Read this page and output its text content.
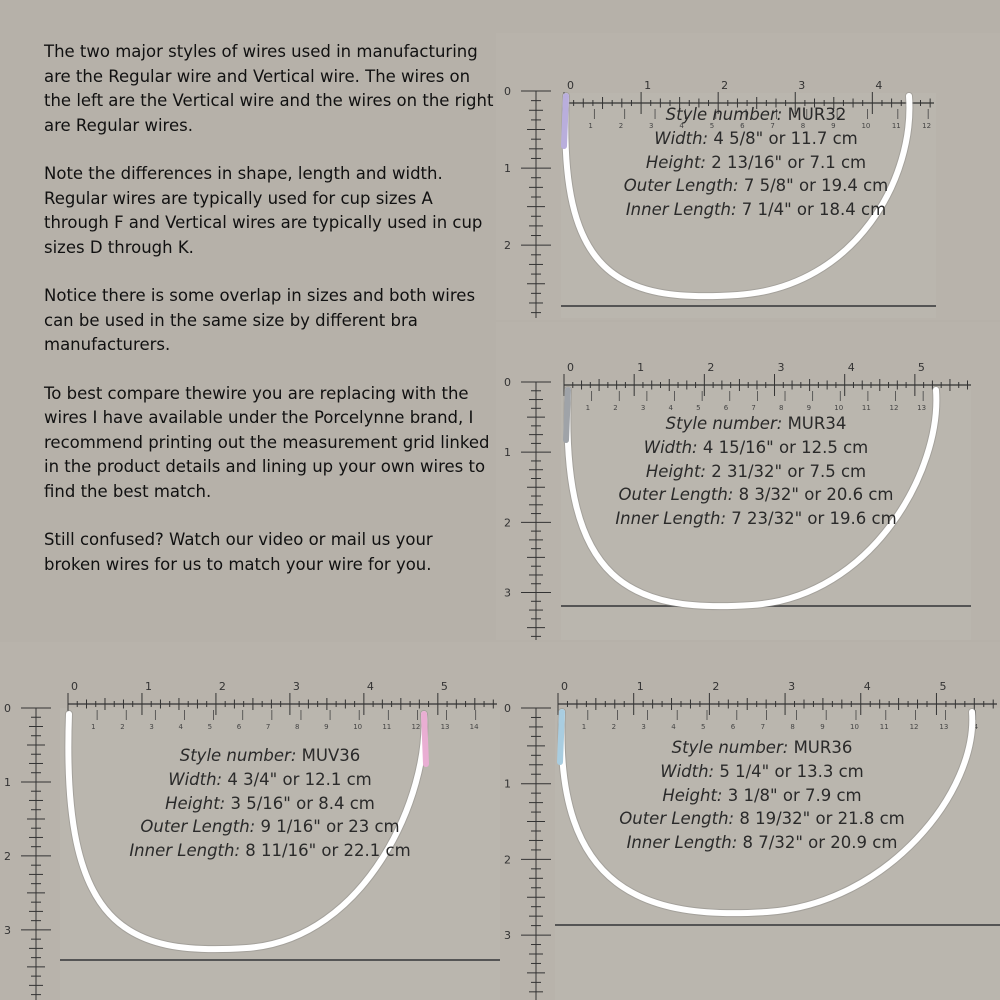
The two major styles of wires used in manufacturing are the Regular wire and Vertical wire. The wires on the left are the Vertical wire and the wires on the right are Regular wires.

Note the differences in shape, length and width. Regular wires are typically used for cup sizes A through F and Vertical wires are typically used in cup sizes D through K.

Notice there is some overlap in sizes and both wires can be used in the same size by different bra manufacturers.

To best compare thewire you are replacing with the wires I have available under the Porcelynne brand, I recommend printing out the measurement grid linked in the product details and lining up your own wires to find the best match.

Still confused? Watch our video or mail us your broken wires for us to match your wire for you.

0	1	2	3	4
1	2	3	4	5	6	7	8	9	10	11	12
0
1
2
Style number: MUR32
Width: 4 5/8" or 11.7 cm
Height: 2 13/16" or 7.1 cm
Outer Length: 7 5/8" or 19.4 cm
Inner Length: 7 1/4" or 18.4 cm
0	1	2	3	4	5
1	2	3	4	5	6	7	8	9	10	11	12	13
0
1
2
3
Style number: MUR34
Width: 4 15/16" or 12.5 cm
Height: 2 31/32" or 7.5 cm
Outer Length: 8 3/32" or 20.6 cm
Inner Length: 7 23/32" or 19.6 cm
0	1	2	3	4	5
1	2	3	4	5	6	7	8	9	10	11	12	13	14
0
1
2
3
Style number: MUV36
Width: 4 3/4" or 12.1 cm
Height: 3 5/16" or 8.4 cm
Outer Length: 9 1/16" or 23 cm
Inner Length: 8 11/16" or 22.1 cm
0	1	2	3	4	5
1	2	3	4	5	6	7	8	9	10	11	12	13	14
0
1
2
3
Style number: MUR36
Width: 5 1/4" or 13.3 cm
Height: 3 1/8" or 7.9 cm
Outer Length: 8 19/32" or 21.8 cm
Inner Length: 8 7/32" or 20.9 cm
